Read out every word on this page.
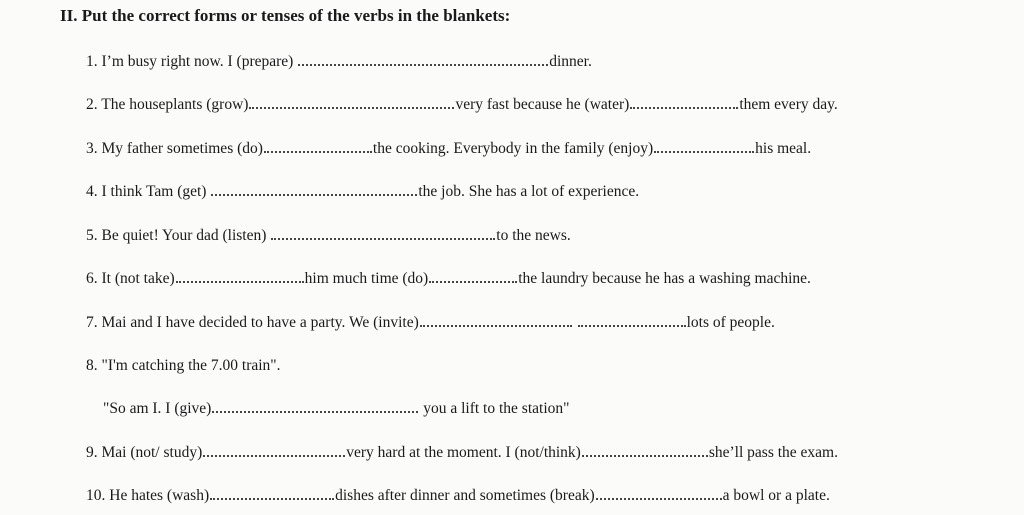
II. Put the correct forms or tenses of the verbs in the blankets:
1. I’m busy right now. I (prepare)	dinner.
2. The houseplants (grow)	very fast because he (water)	them every day.
3. My father sometimes (do)	the cooking. Everybody in the family (enjoy)	his meal.
4. I think Tam (get)	the job. She has a lot of experience.
5. Be quiet! Your dad (listen)	to the news.
6. It (not take)	him much time (do)	the laundry because he has a washing machine.
7. Mai and I have decided to have a party. We (invite)	lots of people.
8. "I'm catching the 7.00 train".
"So am I. I (give)	you a lift to the station"
9. Mai (not/ study)	very hard at the moment. I (not/think)	she’ll pass the exam.
10. He hates (wash)	dishes after dinner and sometimes (break)	a bowl or a plate.
